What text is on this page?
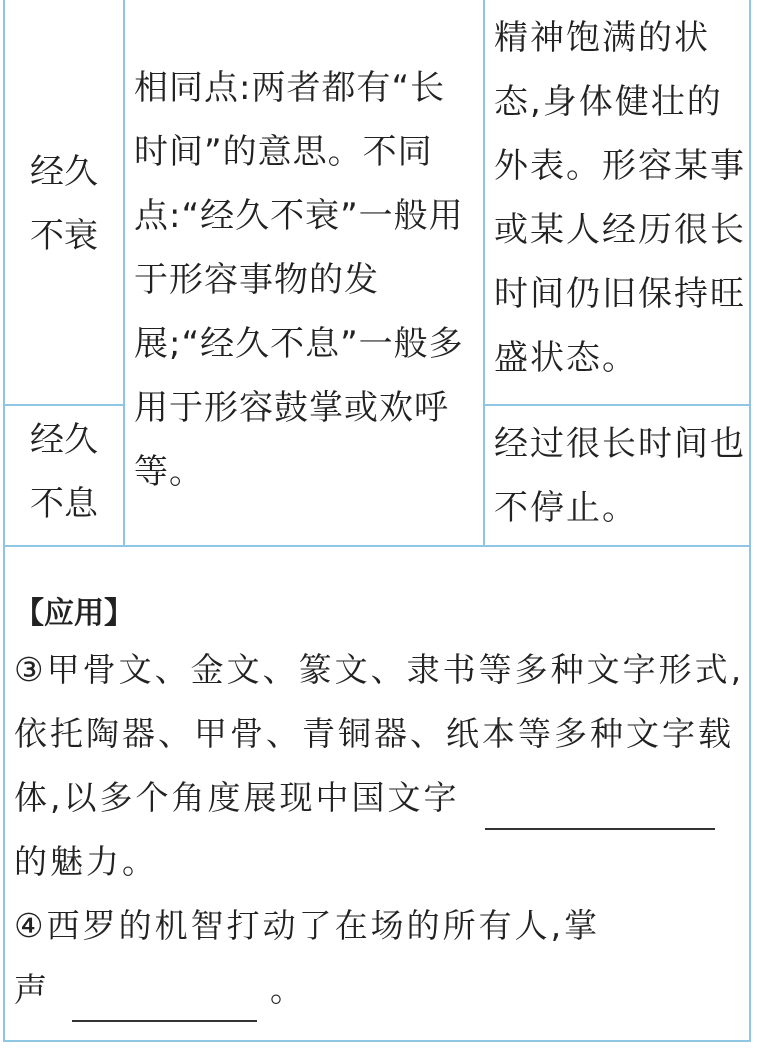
经久
不衰
经久
不息
相同点:两者都有“长时间”的意思。不同点:“经久不衰”一般用于形容事物的发展;“经久不息”一般多用于形容鼓掌或欢呼等。
精神饱满的状态,身体健壮的外表。形容某事或某人经历很长时间仍旧保持旺盛状态。
经过很长时间也不停止。
【应用】
③甲骨文、金文、篆文、隶书等多种文字形式,
依托陶器、甲骨、青铜器、纸本等多种文字载
体,以多个角度展现中国文字
的魅力。
④西罗的机智打动了在场的所有人,掌
声	。
